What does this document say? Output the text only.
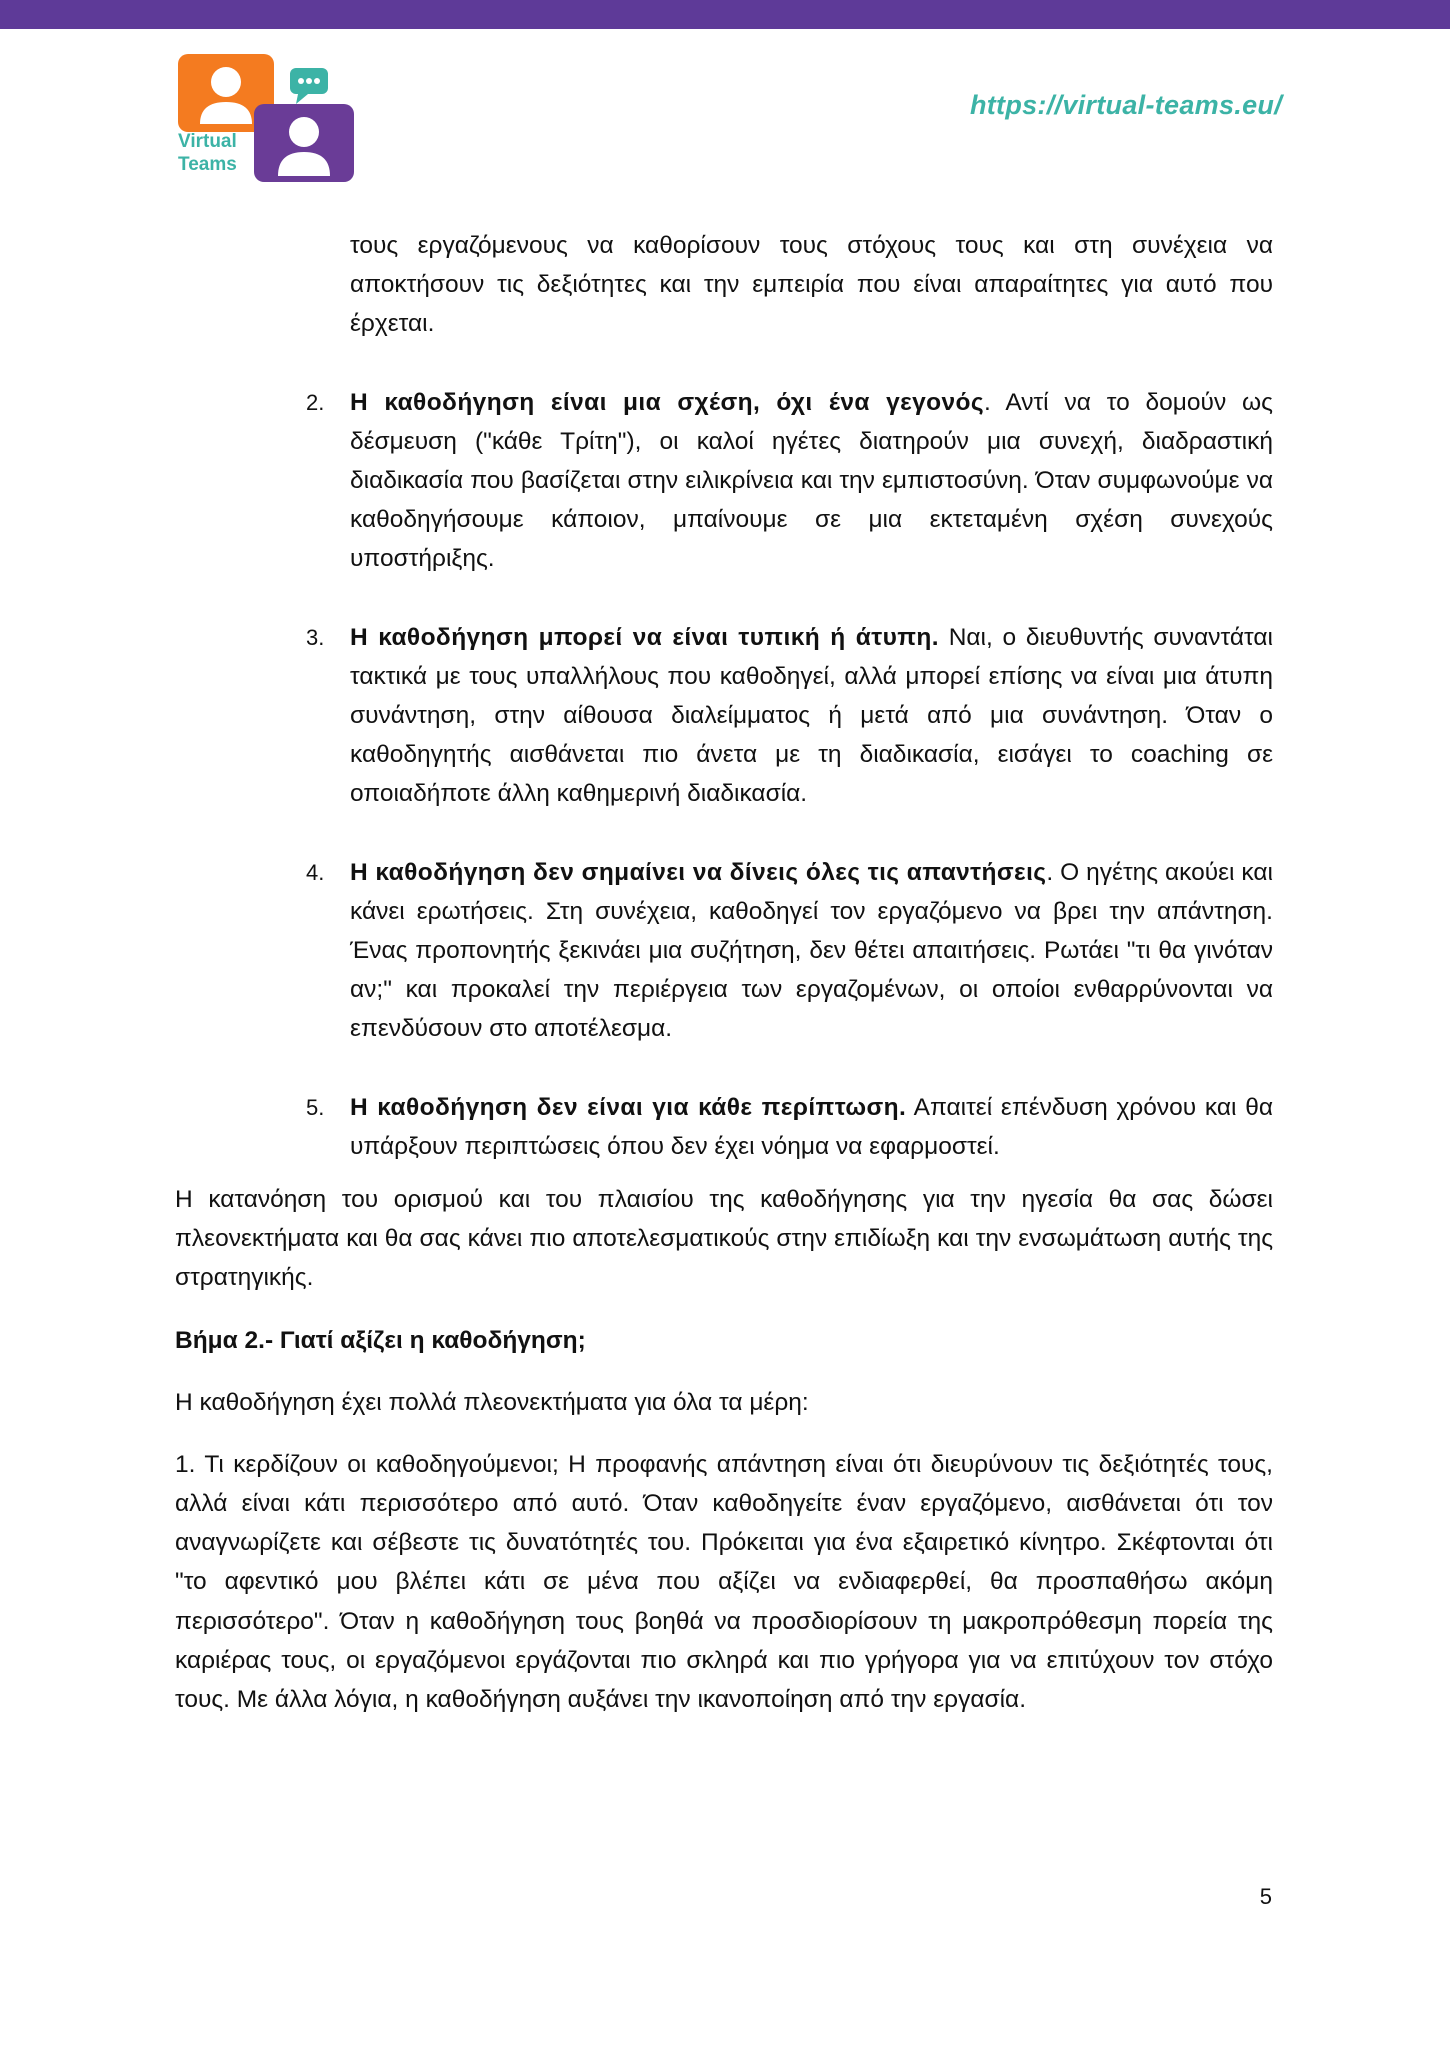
Virtual
Teams
https://virtual-teams.eu/

τους εργαζόμενους να καθορίσουν τους στόχους τους και στη συνέχεια να αποκτήσουν τις δεξιότητες και την εμπειρία που είναι απαραίτητες για αυτό που έρχεται.

2. Η καθοδήγηση είναι μια σχέση, όχι ένα γεγονός. Αντί να το δομούν ως δέσμευση ("κάθε Τρίτη"), οι καλοί ηγέτες διατηρούν μια συνεχή, διαδραστική διαδικασία που βασίζεται στην ειλικρίνεια και την εμπιστοσύνη. Όταν συμφωνούμε να καθοδηγήσουμε κάποιον, μπαίνουμε σε μια εκτεταμένη σχέση συνεχούς υποστήριξης.

3. Η καθοδήγηση μπορεί να είναι τυπική ή άτυπη. Ναι, ο διευθυντής συναντάται τακτικά με τους υπαλλήλους που καθοδηγεί, αλλά μπορεί επίσης να είναι μια άτυπη συνάντηση, στην αίθουσα διαλείμματος ή μετά από μια συνάντηση. Όταν ο καθοδηγητής αισθάνεται πιο άνετα με τη διαδικασία, εισάγει το coaching σε οποιαδήποτε άλλη καθημερινή διαδικασία.

4. Η καθοδήγηση δεν σημαίνει να δίνεις όλες τις απαντήσεις. Ο ηγέτης ακούει και κάνει ερωτήσεις. Στη συνέχεια, καθοδηγεί τον εργαζόμενο να βρει την απάντηση. Ένας προπονητής ξεκινάει μια συζήτηση, δεν θέτει απαιτήσεις. Ρωτάει "τι θα γινόταν αν;" και προκαλεί την περιέργεια των εργαζομένων, οι οποίοι ενθαρρύνονται να επενδύσουν στο αποτέλεσμα.

5. Η καθοδήγηση δεν είναι για κάθε περίπτωση. Απαιτεί επένδυση χρόνου και θα υπάρξουν περιπτώσεις όπου δεν έχει νόημα να εφαρμοστεί.

Η κατανόηση του ορισμού και του πλαισίου της καθοδήγησης για την ηγεσία θα σας δώσει πλεονεκτήματα και θα σας κάνει πιο αποτελεσματικούς στην επιδίωξη και την ενσωμάτωση αυτής της στρατηγικής.

Βήμα 2.- Γιατί αξίζει η καθοδήγηση;

Η καθοδήγηση έχει πολλά πλεονεκτήματα για όλα τα μέρη:

1. Τι κερδίζουν οι καθοδηγούμενοι; Η προφανής απάντηση είναι ότι διευρύνουν τις δεξιότητές τους, αλλά είναι κάτι περισσότερο από αυτό. Όταν καθοδηγείτε έναν εργαζόμενο, αισθάνεται ότι τον αναγνωρίζετε και σέβεστε τις δυνατότητές του. Πρόκειται για ένα εξαιρετικό κίνητρο. Σκέφτονται ότι "το αφεντικό μου βλέπει κάτι σε μένα που αξίζει να ενδιαφερθεί, θα προσπαθήσω ακόμη περισσότερο". Όταν η καθοδήγηση τους βοηθά να προσδιορίσουν τη μακροπρόθεσμη πορεία της καριέρας τους, οι εργαζόμενοι εργάζονται πιο σκληρά και πιο γρήγορα για να επιτύχουν τον στόχο τους. Με άλλα λόγια, η καθοδήγηση αυξάνει την ικανοποίηση από την εργασία.

5
